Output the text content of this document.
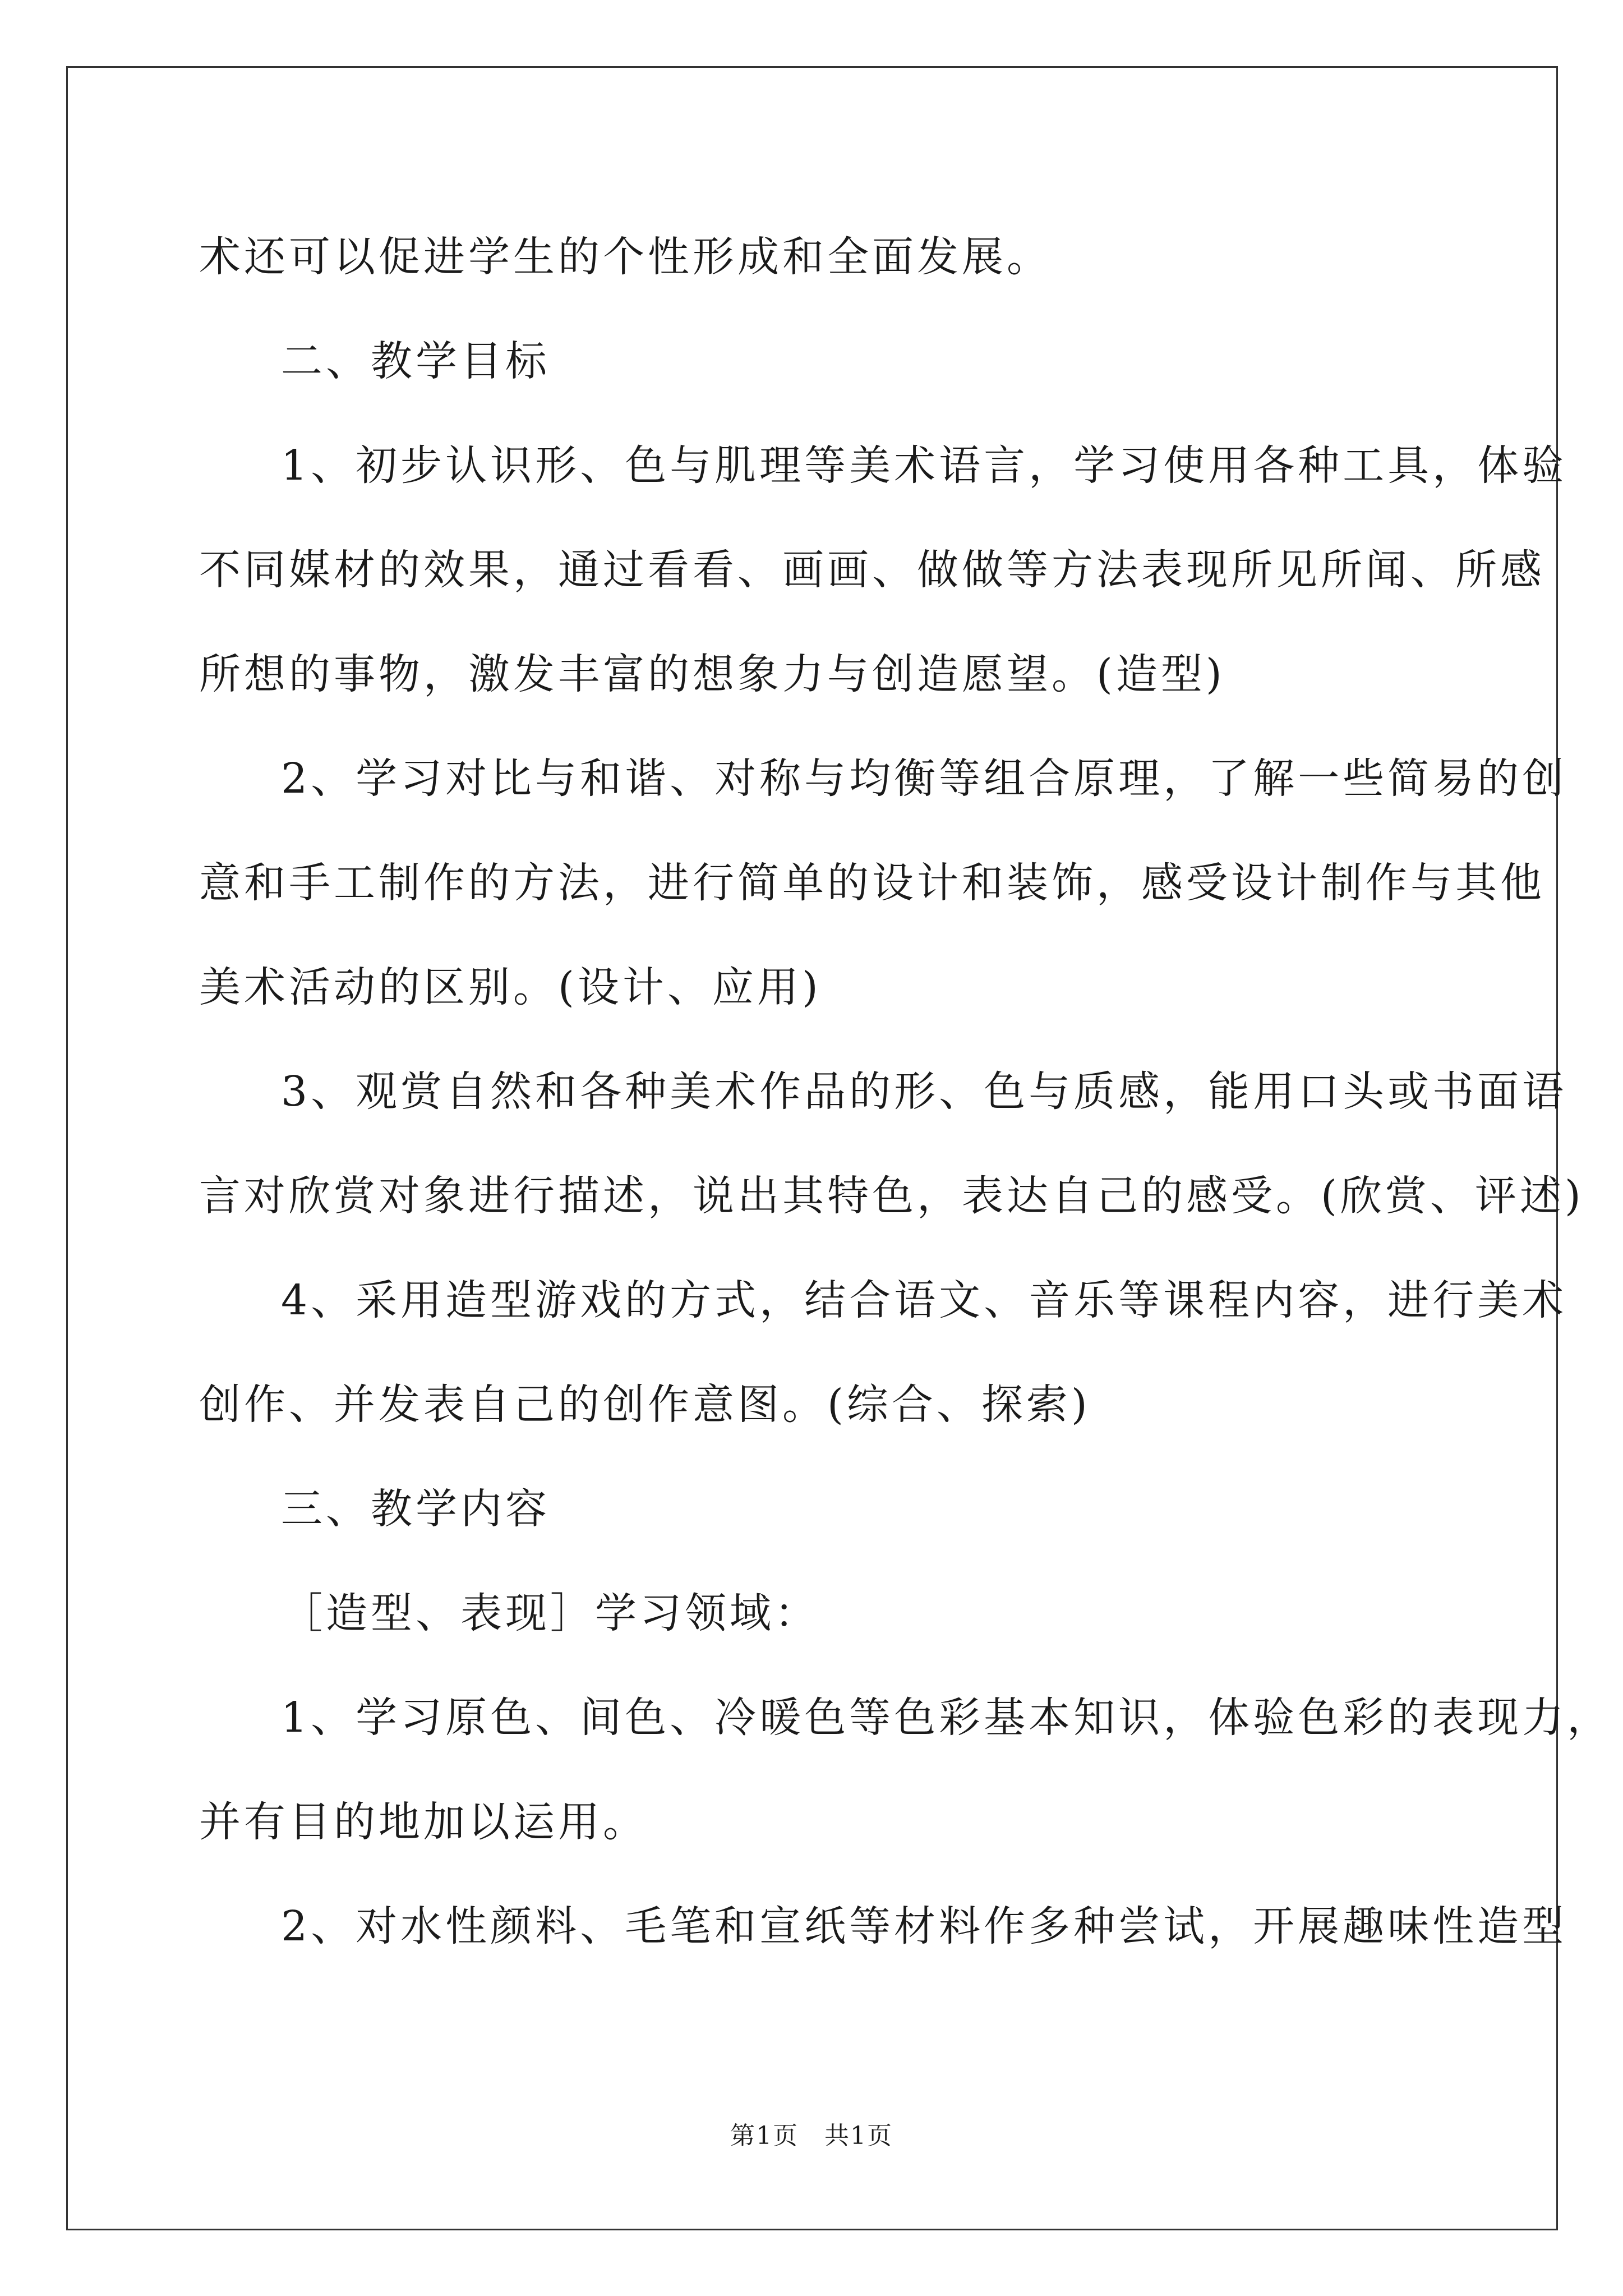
术还可以促进学生的个性形成和全面发展。
二、教学目标
1、初步认识形、色与肌理等美术语言，学习使用各种工具，体验
不同媒材的效果，通过看看、画画、做做等方法表现所见所闻、所感
所想的事物，激发丰富的想象力与创造愿望。(造型)
2、学习对比与和谐、对称与均衡等组合原理，了解一些简易的创
意和手工制作的方法，进行简单的设计和装饰，感受设计制作与其他
美术活动的区别。(设计、应用)
3、观赏自然和各种美术作品的形、色与质感，能用口头或书面语
言对欣赏对象进行描述，说出其特色，表达自己的感受。(欣赏、评述)
4、采用造型游戏的方式，结合语文、音乐等课程内容，进行美术
创作、并发表自己的创作意图。(综合、探索)
三、教学内容
［造型、表现］学习领域：
1、学习原色、间色、冷暖色等色彩基本知识，体验色彩的表现力，
并有目的地加以运用。
2、对水性颜料、毛笔和宣纸等材料作多种尝试，开展趣味性造型
第1页　共1页
